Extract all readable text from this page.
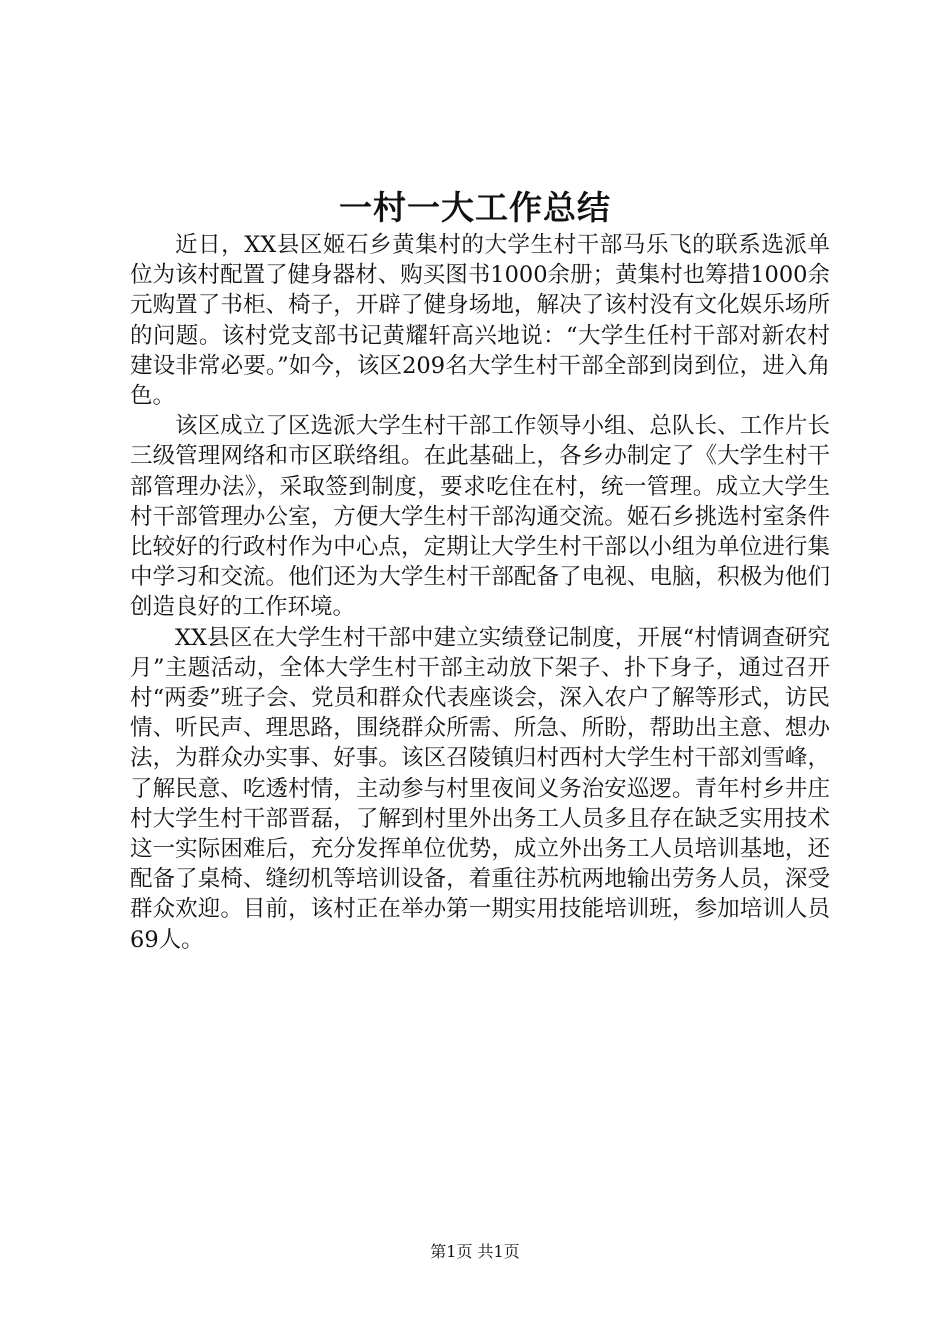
一村一大工作总结

近日，XX县区姬石乡黄集村的大学生村干部马乐飞的联系选派单位为该村配置了健身器材、购买图书1000余册；黄集村也筹措1000余元购置了书柜、椅子，开辟了健身场地，解决了该村没有文化娱乐场所的问题。该村党支部书记黄耀轩高兴地说：“大学生任村干部对新农村建设非常必要。”如今，该区209名大学生村干部全部到岗到位，进入角色。

该区成立了区选派大学生村干部工作领导小组、总队长、工作片长三级管理网络和市区联络组。在此基础上，各乡办制定了《大学生村干部管理办法》，采取签到制度，要求吃住在村，统一管理。成立大学生村干部管理办公室，方便大学生村干部沟通交流。姬石乡挑选村室条件比较好的行政村作为中心点，定期让大学生村干部以小组为单位进行集中学习和交流。他们还为大学生村干部配备了电视、电脑，积极为他们创造良好的工作环境。

XX县区在大学生村干部中建立实绩登记制度，开展“村情调查研究月”主题活动，全体大学生村干部主动放下架子、扑下身子，通过召开村“两委”班子会、党员和群众代表座谈会，深入农户了解等形式，访民情、听民声、理思路，围绕群众所需、所急、所盼，帮助出主意、想办法，为群众办实事、好事。该区召陵镇归村西村大学生村干部刘雪峰，了解民意、吃透村情，主动参与村里夜间义务治安巡逻。青年村乡井庄村大学生村干部晋磊，了解到村里外出务工人员多且存在缺乏实用技术这一实际困难后，充分发挥单位优势，成立外出务工人员培训基地，还配备了桌椅、缝纫机等培训设备，着重往苏杭两地输出劳务人员，深受群众欢迎。目前，该村正在举办第一期实用技能培训班，参加培训人员69人。

第1页 共1页
